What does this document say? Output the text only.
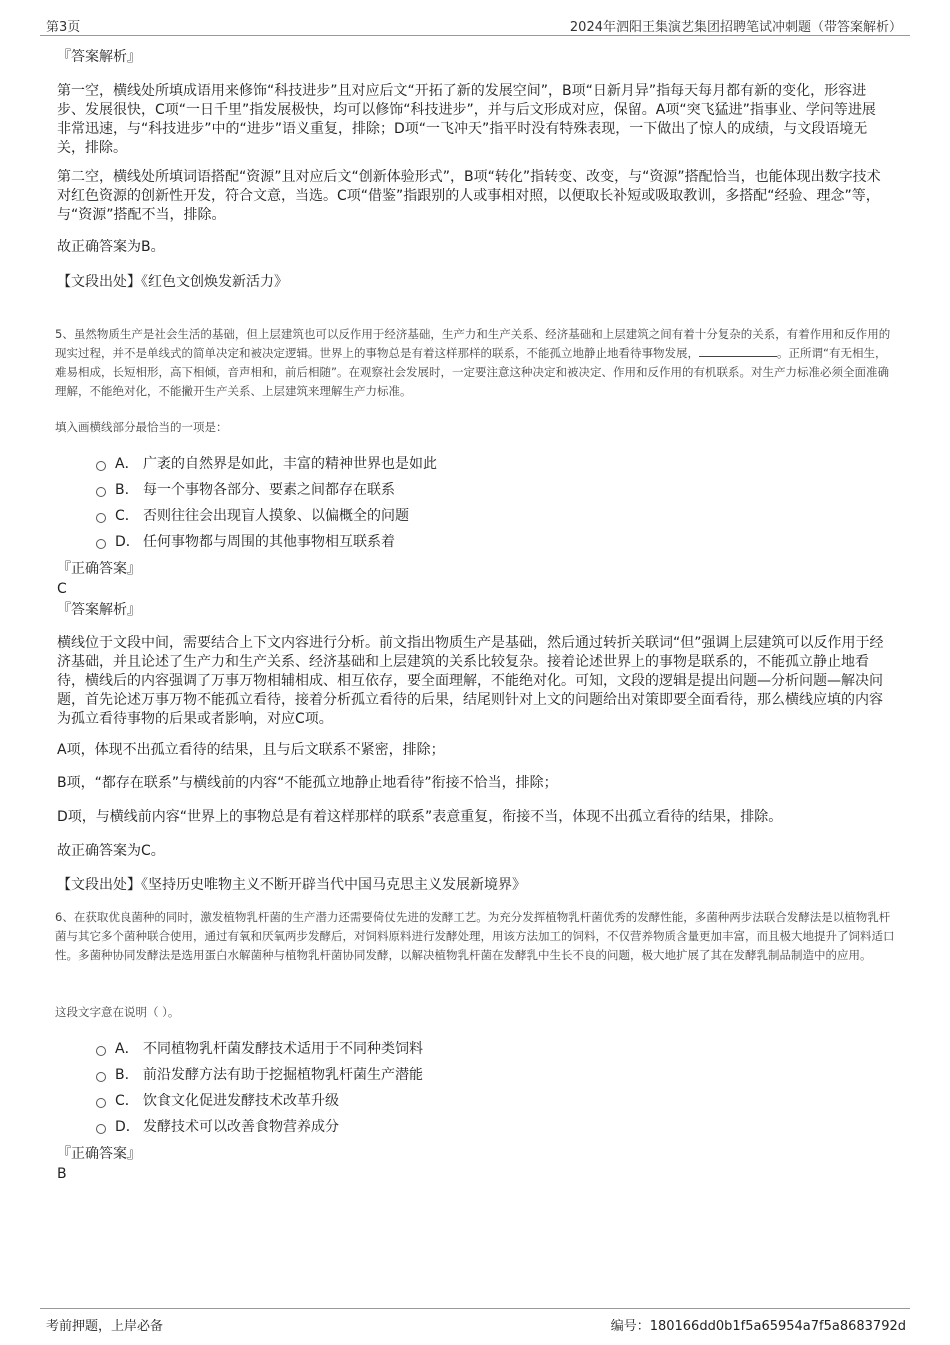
第3页	2024年泗阳王集演艺集团招聘笔试冲刺题（带答案解析）

『答案解析』

第一空，横线处所填成语用来修饰“科技进步”且对应后文“开拓了新的发展空间”，B项“日新月异”指每天每月都有新的变化，形容进步、发展很快，C项“一日千里”指发展极快，均可以修饰“科技进步”，并与后文形成对应，保留。A项“突飞猛进”指事业、学问等进展非常迅速，与“科技进步”中的“进步”语义重复，排除；D项“一飞冲天”指平时没有特殊表现，一下做出了惊人的成绩，与文段语境无关，排除。

第二空，横线处所填词语搭配“资源”且对应后文“创新体验形式”，B项“转化”指转变、改变，与“资源”搭配恰当，也能体现出数字技术对红色资源的创新性开发，符合文意，当选。C项“借鉴”指跟别的人或事相对照，以便取长补短或吸取教训，多搭配“经验、理念”等，与“资源”搭配不当，排除。

故正确答案为B。

【文段出处】《红色文创焕发新活力》

5、虽然物质生产是社会生活的基础，但上层建筑也可以反作用于经济基础，生产力和生产关系、经济基础和上层建筑之间有着十分复杂的关系，有着作用和反作用的现实过程，并不是单线式的简单决定和被决定逻辑。世界上的事物总是有着这样那样的联系，不能孤立地静止地看待事物发展，	。正所谓“有无相生，难易相成，长短相形，高下相倾，音声相和，前后相随”。在观察社会发展时，一定要注意这种决定和被决定、作用和反作用的有机联系。对生产力标准必须全面准确理解，不能绝对化，不能撇开生产关系、上层建筑来理解生产力标准。

填入画横线部分最恰当的一项是：

A． 广袤的自然界是如此，丰富的精神世界也是如此
B. 每一个事物各部分、要素之间都存在联系
C． 否则往往会出现盲人摸象、以偏概全的问题
D． 任何事物都与周围的其他事物相互联系着

『正确答案』

C

『答案解析』

横线位于文段中间，需要结合上下文内容进行分析。前文指出物质生产是基础，然后通过转折关联词“但”强调上层建筑可以反作用于经济基础，并且论述了生产力和生产关系、经济基础和上层建筑的关系比较复杂。接着论述世界上的事物是联系的，不能孤立静止地看待，横线后的内容强调了万事万物相辅相成、相互依存，要全面理解，不能绝对化。可知，文段的逻辑是提出问题—分析问题—解决问题，首先论述万事万物不能孤立看待，接着分析孤立看待的后果，结尾则针对上文的问题给出对策即要全面看待，那么横线应填的内容为孤立看待事物的后果或者影响，对应C项。

A项，体现不出孤立看待的结果，且与后文联系不紧密，排除；

B项，“都存在联系”与横线前的内容“不能孤立地静止地看待”衔接不恰当，排除；

D项，与横线前内容“世界上的事物总是有着这样那样的联系”表意重复，衔接不当，体现不出孤立看待的结果，排除。

故正确答案为C。

【文段出处】《坚持历史唯物主义不断开辟当代中国马克思主义发展新境界》

6、在获取优良菌种的同时，激发植物乳杆菌的生产潜力还需要倚仗先进的发酵工艺。为充分发挥植物乳杆菌优秀的发酵性能，多菌种两步法联合发酵法是以植物乳杆菌与其它多个菌种联合使用，通过有氧和厌氧两步发酵后，对饲料原料进行发酵处理，用该方法加工的饲料，不仅营养物质含量更加丰富，而且极大地提升了饲料适口性。多菌种协同发酵法是选用蛋白水解菌种与植物乳杆菌协同发酵，以解决植物乳杆菌在发酵乳中生长不良的问题，极大地扩展了其在发酵乳制品制造中的应用。

这段文字意在说明（ ）。

A． 不同植物乳杆菌发酵技术适用于不同种类饲料
B. 前沿发酵方法有助于挖掘植物乳杆菌生产潜能
C． 饮食文化促进发酵技术改革升级
D． 发酵技术可以改善食物营养成分

『正确答案』

B

考前押题，上岸必备	编号：180166dd0b1f5a65954a7f5a8683792d
